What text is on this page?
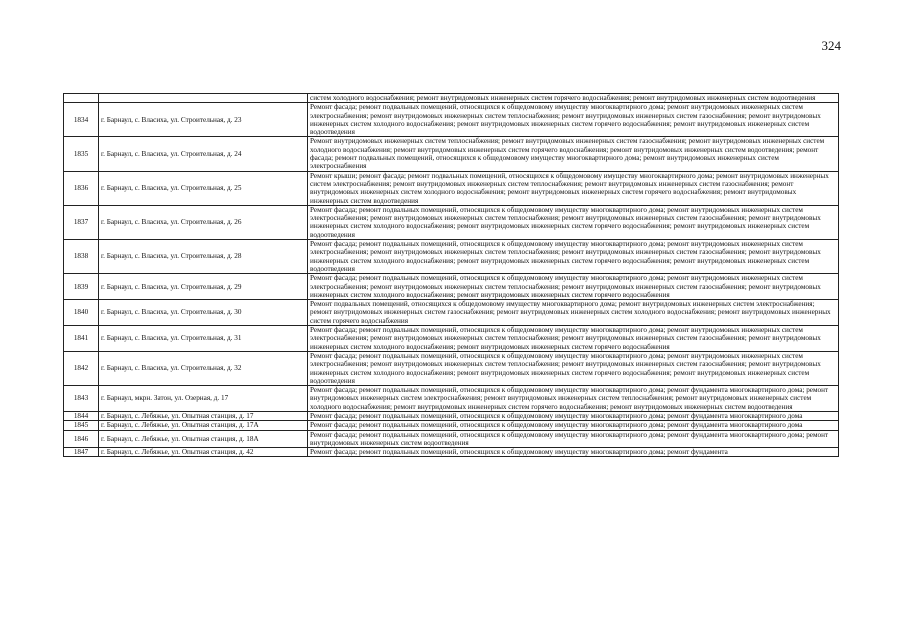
324
		систем холодного водоснабжения; ремонт внутридомовых инженерных систем горячего водоснабжения; ремонт внутридомовых инженерных систем водоотведения
1834	г. Барнаул, с. Власиха, ул. Строительная, д. 23	Ремонт фасада; ремонт подвальных помещений, относящихся к общедомовому имуществу многоквартирного дома; ремонт внутридомовых инженерных систем электроснабжения; ремонт внутридомовых инженерных систем теплоснабжения; ремонт внутридомовых инженерных систем газоснабжения; ремонт внутридомовых инженерных систем холодного водоснабжения; ремонт внутридомовых инженерных систем горячего водоснабжения; ремонт внутридомовых инженерных систем водоотведения
1835	г. Барнаул, с. Власиха, ул. Строительная, д. 24	Ремонт внутридомовых инженерных систем теплоснабжения; ремонт внутридомовых инженерных систем газоснабжения; ремонт внутридомовых инженерных систем холодного водоснабжения; ремонт внутридомовых инженерных систем горячего водоснабжения; ремонт внутридомовых инженерных систем водоотведения; ремонт фасада; ремонт подвальных помещений, относящихся к общедомовому имуществу многоквартирного дома; ремонт внутридомовых инженерных систем электроснабжения
1836	г. Барнаул, с. Власиха, ул. Строительная, д. 25	Ремонт крыши; ремонт фасада; ремонт подвальных помещений, относящихся к общедомовому имуществу многоквартирного дома; ремонт внутридомовых инженерных систем электроснабжения; ремонт внутридомовых инженерных систем теплоснабжения; ремонт внутридомовых инженерных систем газоснабжения; ремонт внутридомовых инженерных систем холодного водоснабжения; ремонт внутридомовых инженерных систем горячего водоснабжения; ремонт внутридомовых инженерных систем водоотведения
1837	г. Барнаул, с. Власиха, ул. Строительная, д. 26	Ремонт фасада; ремонт подвальных помещений, относящихся к общедомовому имуществу многоквартирного дома; ремонт внутридомовых инженерных систем электроснабжения; ремонт внутридомовых инженерных систем теплоснабжения; ремонт внутридомовых инженерных систем газоснабжения; ремонт внутридомовых инженерных систем холодного водоснабжения; ремонт внутридомовых инженерных систем горячего водоснабжения; ремонт внутридомовых инженерных систем водоотведения
1838	г. Барнаул, с. Власиха, ул. Строительная, д. 28	Ремонт фасада; ремонт подвальных помещений, относящихся к общедомовому имуществу многоквартирного дома; ремонт внутридомовых инженерных систем электроснабжения; ремонт внутридомовых инженерных систем теплоснабжения; ремонт внутридомовых инженерных систем газоснабжения; ремонт внутридомовых инженерных систем холодного водоснабжения; ремонт внутридомовых инженерных систем горячего водоснабжения; ремонт внутридомовых инженерных систем водоотведения
1839	г. Барнаул, с. Власиха, ул. Строительная, д. 29	Ремонт фасада; ремонт подвальных помещений, относящихся к общедомовому имуществу многоквартирного дома; ремонт внутридомовых инженерных систем электроснабжения; ремонт внутридомовых инженерных систем теплоснабжения; ремонт внутридомовых инженерных систем газоснабжения; ремонт внутридомовых инженерных систем холодного водоснабжения; ремонт внутридомовых инженерных систем горячего водоснабжения
1840	г. Барнаул, с. Власиха, ул. Строительная, д. 30	Ремонт подвальных помещений, относящихся к общедомовому имуществу многоквартирного дома; ремонт внутридомовых инженерных систем электроснабжения; ремонт внутридомовых инженерных систем газоснабжения; ремонт внутридомовых инженерных систем холодного водоснабжения; ремонт внутридомовых инженерных систем горячего водоснабжения
1841	г. Барнаул, с. Власиха, ул. Строительная, д. 31	Ремонт фасада; ремонт подвальных помещений, относящихся к общедомовому имуществу многоквартирного дома; ремонт внутридомовых инженерных систем электроснабжения; ремонт внутридомовых инженерных систем теплоснабжения; ремонт внутридомовых инженерных систем газоснабжения; ремонт внутридомовых инженерных систем холодного водоснабжения; ремонт внутридомовых инженерных систем горячего водоснабжения
1842	г. Барнаул, с. Власиха, ул. Строительная, д. 32	Ремонт фасада; ремонт подвальных помещений, относящихся к общедомовому имуществу многоквартирного дома; ремонт внутридомовых инженерных систем электроснабжения; ремонт внутридомовых инженерных систем теплоснабжения; ремонт внутридомовых инженерных систем газоснабжения; ремонт внутридомовых инженерных систем холодного водоснабжения; ремонт внутридомовых инженерных систем горячего водоснабжения; ремонт внутридомовых инженерных систем водоотведения
1843	г. Барнаул, мкрн. Затон, ул. Озерная, д. 17	Ремонт фасада; ремонт подвальных помещений, относящихся к общедомовому имуществу многоквартирного дома; ремонт фундамента многоквартирного дома; ремонт внутридомовых инженерных систем электроснабжения; ремонт внутридомовых инженерных систем теплоснабжения; ремонт внутридомовых инженерных систем холодного водоснабжения; ремонт внутридомовых инженерных систем горячего водоснабжения; ремонт внутридомовых инженерных систем водоотведения
1844	г. Барнаул, с. Лебяжье, ул. Опытная станция, д. 17	Ремонт фасада; ремонт подвальных помещений, относящихся к общедомовому имуществу многоквартирного дома; ремонт фундамента многоквартирного дома
1845	г. Барнаул, с. Лебяжье, ул. Опытная станция, д. 17А	Ремонт фасада; ремонт подвальных помещений, относящихся к общедомовому имуществу многоквартирного дома; ремонт фундамента многоквартирного дома
1846	г. Барнаул, с. Лебяжье, ул. Опытная станция, д. 18А	Ремонт фасада; ремонт подвальных помещений, относящихся к общедомовому имуществу многоквартирного дома; ремонт фундамента многоквартирного дома; ремонт внутридомовых инженерных систем водоотведения
1847	г. Барнаул, с. Лебяжье, ул. Опытная станция, д. 42	Ремонт фасада; ремонт подвальных помещений, относящихся к общедомовому имуществу многоквартирного дома; ремонт фундамента
